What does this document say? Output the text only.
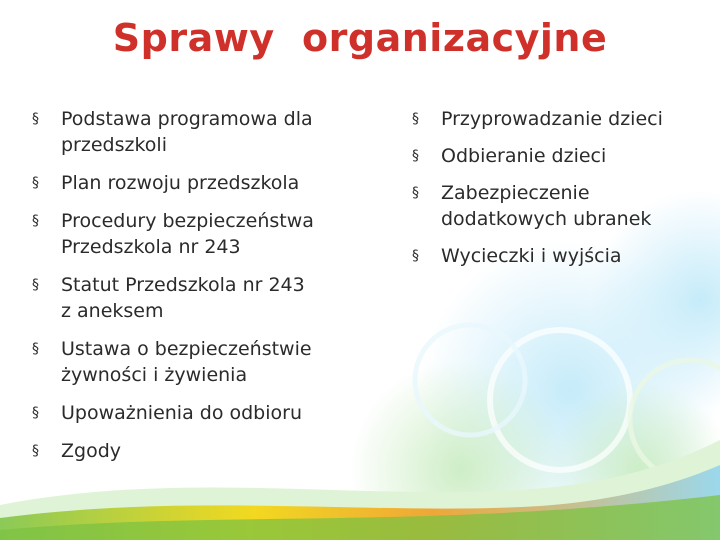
Sprawy  organizacyjne
§ Podstawa programowa dla
przedszkoli
§ Plan rozwoju przedszkola
§ Procedury bezpieczeństwa
Przedszkola nr 243
§ Statut Przedszkola nr 243
z aneksem
§ Ustawa o bezpieczeństwie
żywności i żywienia
§ Upoważnienia do odbioru
§ Zgody
§ Przyprowadzanie dzieci
§ Odbieranie dzieci
§ Zabezpieczenie
dodatkowych ubranek
§ Wycieczki i wyjścia
